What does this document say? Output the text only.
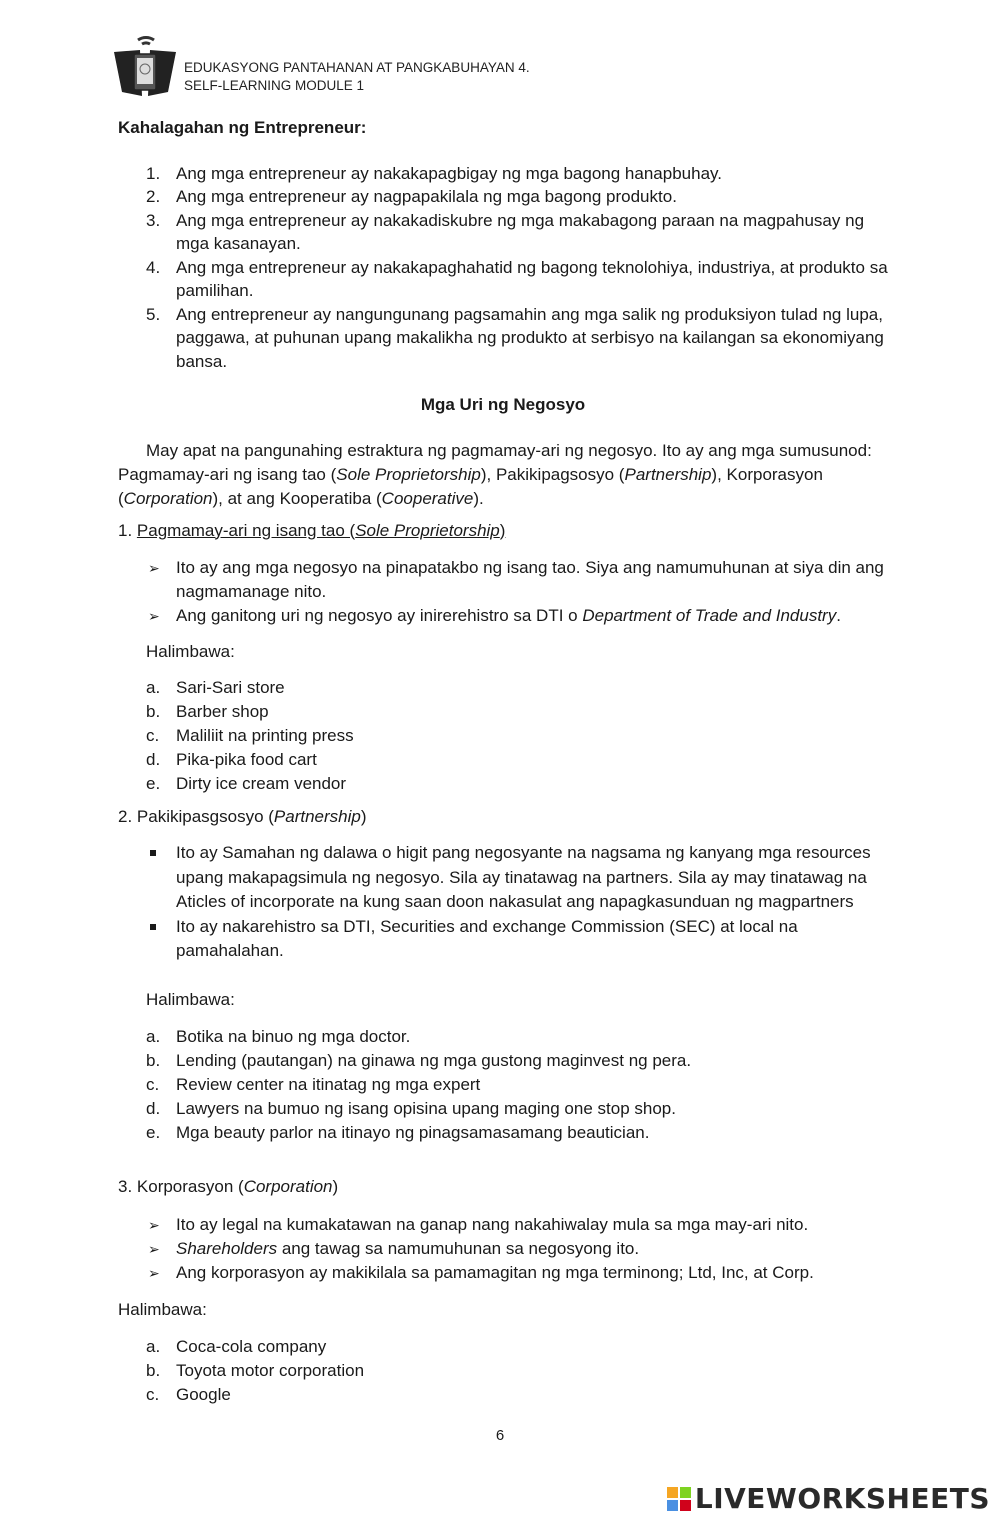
EDUKASYONG PANTAHANAN AT PANGKABUHAYAN 4.
SELF-LEARNING MODULE 1
Kahalagahan ng Entrepreneur:
1. Ang mga entrepreneur ay nakakapagbigay ng mga bagong hanapbuhay.
2. Ang mga entrepreneur ay nagpapakilala ng mga bagong produkto.
3. Ang mga entrepreneur ay nakakadiskubre ng mga makabagong paraan na magpahusay ng mga kasanayan.
4. Ang mga entrepreneur ay nakakapaghahatid ng bagong teknolohiya, industriya, at produkto sa pamilihan.
5. Ang entrepreneur ay nangungunang pagsamahin ang mga salik ng produksiyon tulad ng lupa, paggawa, at puhunan upang makalikha ng produkto at serbisyo na kailangan sa ekonomiyang bansa.
Mga Uri ng Negosyo
May apat na pangunahing estraktura ng pagmamay-ari ng negosyo. Ito ay ang mga sumusunod: Pagmamay-ari ng isang tao (Sole Proprietorship), Pakikipagsosyo (Partnership), Korporasyon (Corporation), at ang Kooperatiba (Cooperative).
1. Pagmamay-ari ng isang tao (Sole Proprietorship)
➢ Ito ay ang mga negosyo na pinapatakbo ng isang tao. Siya ang namumuhunan at siya din ang nagmamanage nito.
➢ Ang ganitong uri ng negosyo ay inirerehistro sa DTI o Department of Trade and Industry.
Halimbawa:
a. Sari-Sari store
b. Barber shop
c. Maliliit na printing press
d. Pika-pika food cart
e. Dirty ice cream vendor
2. Pakikipasgsosyo (Partnership)
Ito ay Samahan ng dalawa o higit pang negosyante na nagsama ng kanyang mga resources upang makapagsimula ng negosyo. Sila ay tinatawag na partners. Sila ay may tinatawag na Aticles of incorporate na kung saan doon nakasulat ang napagkasunduan ng magpartners
Ito ay nakarehistro sa DTI, Securities and exchange Commission (SEC) at local na pamahalahan.
Halimbawa:
a. Botika na binuo ng mga doctor.
b. Lending (pautangan) na ginawa ng mga gustong maginvest ng pera.
c. Review center na itinatag ng mga expert
d. Lawyers na bumuo ng isang opisina upang maging one stop shop.
e. Mga beauty parlor na itinayo ng pinagsamasamang beautician.
3. Korporasyon (Corporation)
➢ Ito ay legal na kumakatawan na ganap nang nakahiwalay mula sa mga may-ari nito.
➢ Shareholders ang tawag sa namumuhunan sa negosyong ito.
➢ Ang korporasyon ay makikilala sa pamamagitan ng mga terminong; Ltd, Inc, at Corp.
Halimbawa:
a. Coca-cola company
b. Toyota motor corporation
c. Google
6
LIVEWORKSHEETS
